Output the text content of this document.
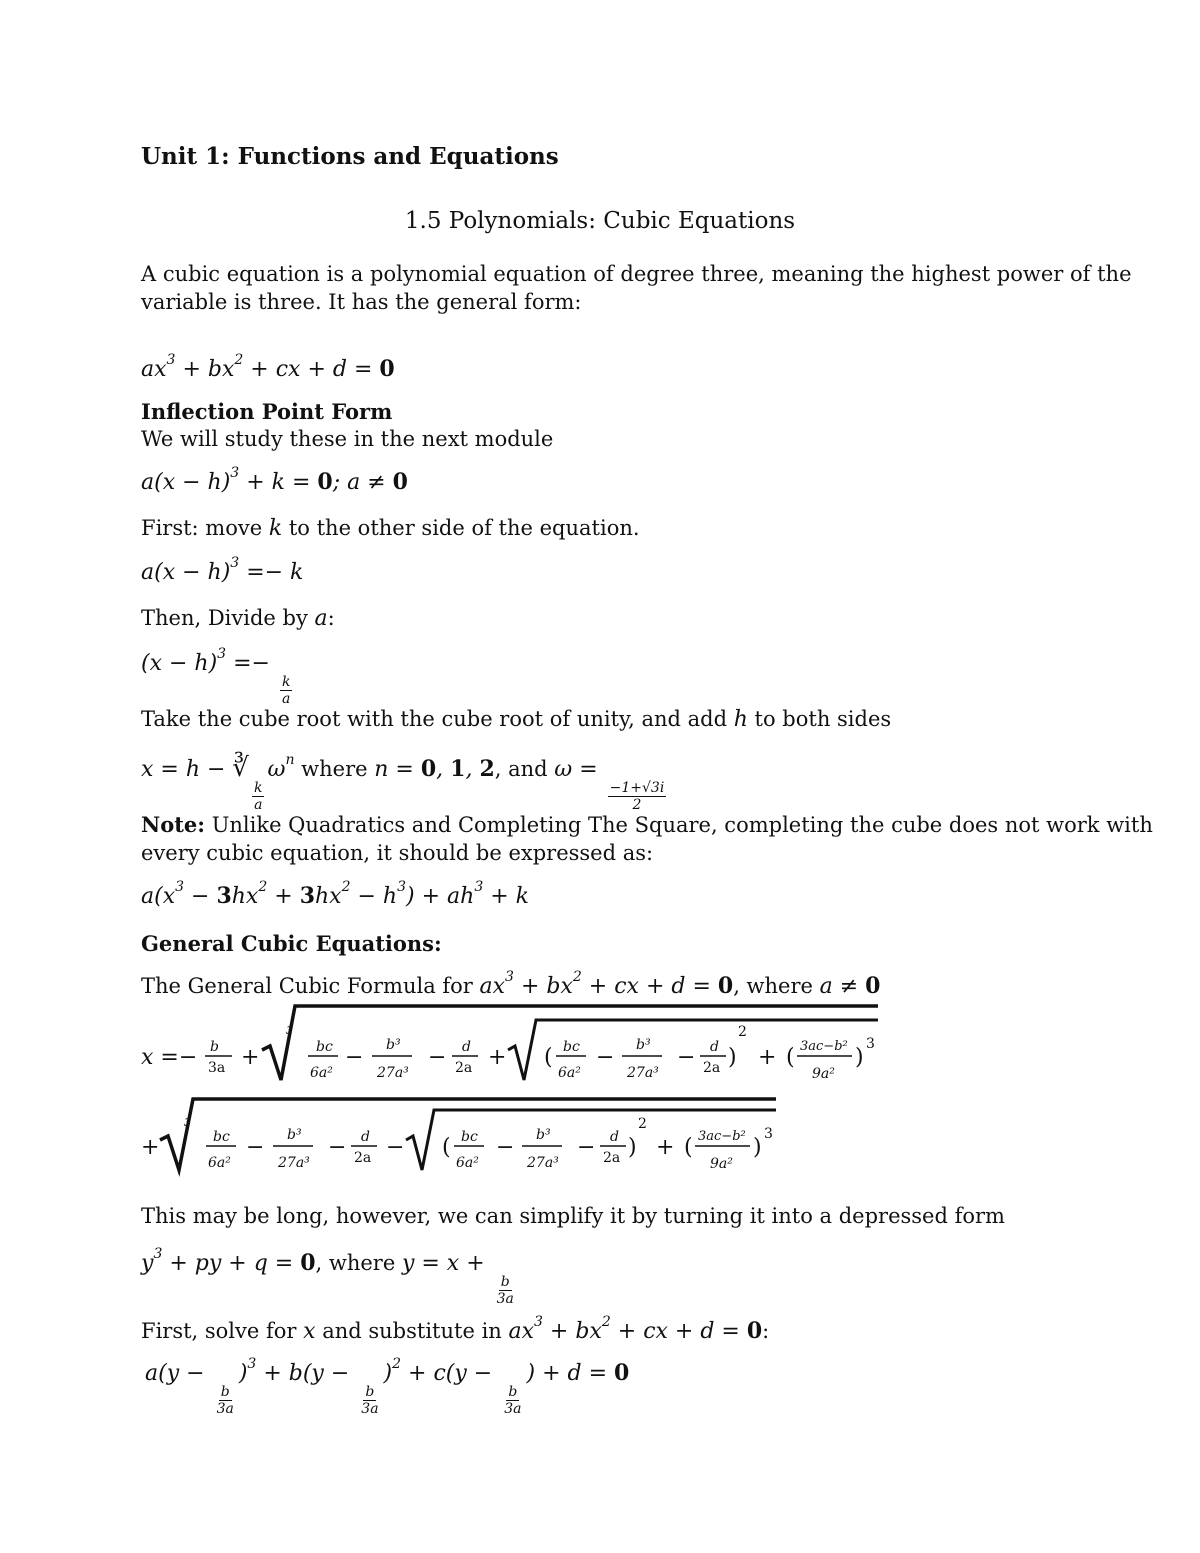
Unit 1: Functions and Equations
1.5 Polynomials: Cubic Equations
A cubic equation is a polynomial equation of degree three, meaning the highest power of the
variable is three. It has the general form:
$ax^3 + bx^2$ + cx + d = 0
Inflection Point Form
We will study these in the next module
$a(x - h)^3 + k = 0$; a ≠ 0
First: move k to the other side of the equation.
$a(x - h)^3 =- k$
Then, Divide by a:
$(x - h)^3$ =−
$\frac{k}{a}$
Take the cube root with the cube root of unity, and add h to both sides
x = h − ∛
$\frac{k}{a}$
$\omega^n$ where n = 0, 1, 2, and ω =
$\frac{-1+√3i}{2}$
Note: Unlike Quadratics and Completing The Square, completing the cube does not work with
every cubic equation, it should be expressed as:
$a(x^3 - 3hx^2 + 3hx^2 - h^3) + ah^3 + k$
General Cubic Equations:
The General Cubic Formula for $ax^3 + bx^2$ + cx + d = 0, where a ≠ 0
x =− b
3a +
3
bc
6a²
− b³
27a³
− d
2a + ( bc
6a²
− b³
27a³
− d
2a )
2
+ ( 3ac−b²
9a²
)
3
+
3
bc
6a²
− b³
27a³
− d
2a − ( bc
6a²
− b³
27a³
− d
2a )
2
+ ( 3ac−b²
9a²
)
3
This may be long, however, we can simplify it by turning it into a depressed form
$y^3$ + py + q = 0, where y = x +
$\frac{b}{3a}$
First, solve for x and substitute in $ax^3 + bx^2$ + cx + d = 0:
a(y −
$\frac{b}{3a}$
)$^3$ + b(y −
$\frac{b}{3a}$
)$^2$ + c(y −
$\frac{b}{3a}$
) + d = 0
